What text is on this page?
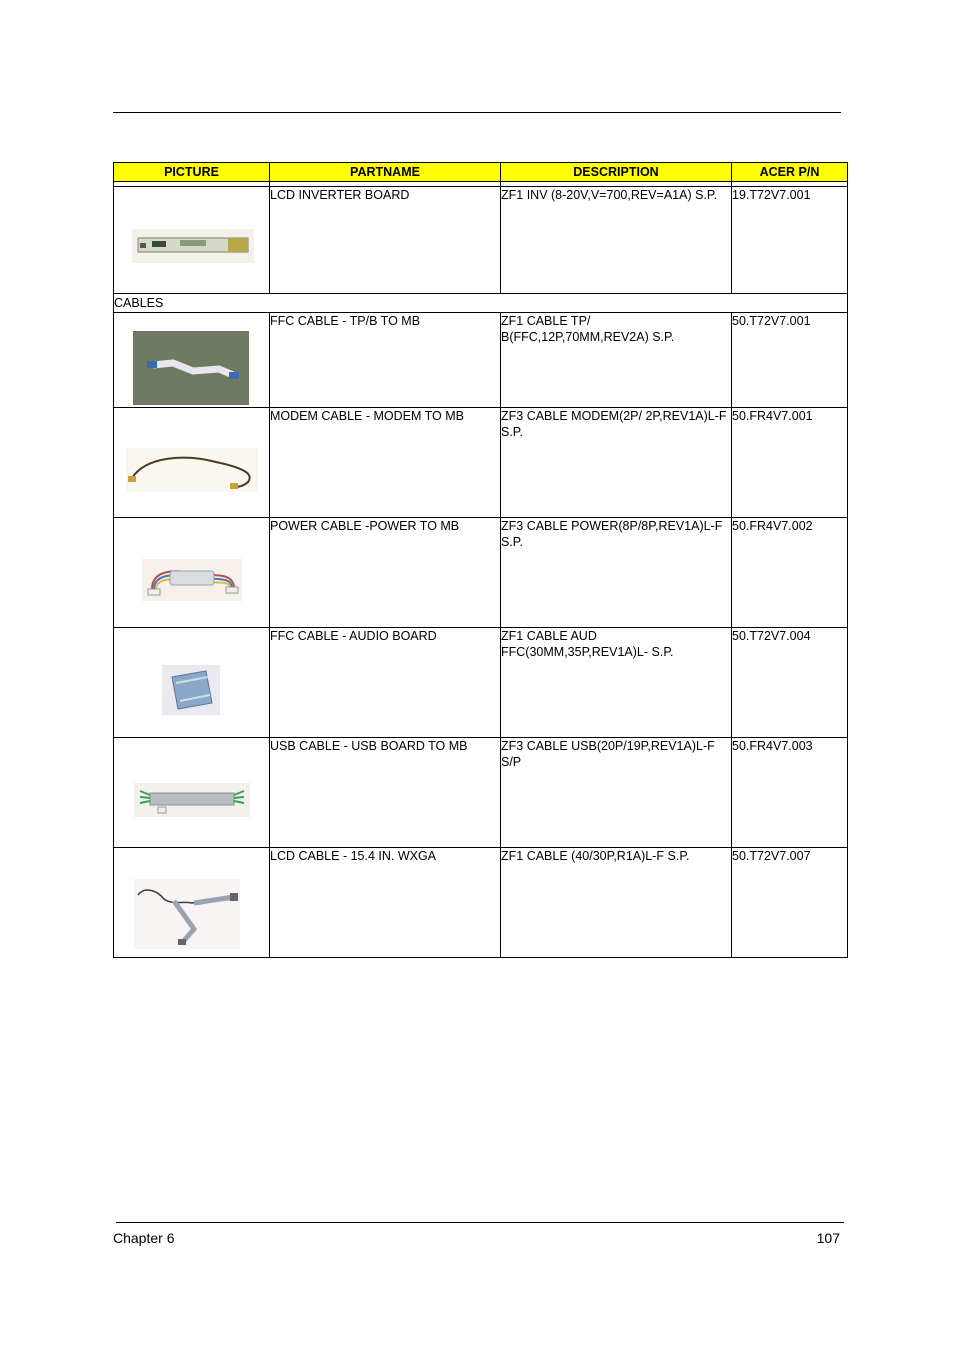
PICTURE	PARTNAME	DESCRIPTION	ACER P/N

	LCD INVERTER BOARD	ZF1 INV (8-20V,V=700,REV=A1A) S.P.	19.T72V7.001
CABLES			

	FFC CABLE - TP/B TO MB	ZF1 CABLE TP/ B(FFC,12P,70MM,REV2A) S.P.	50.T72V7.001

	MODEM CABLE - MODEM TO MB	ZF3 CABLE MODEM(2P/ 2P,REV1A)L-F S.P.	50.FR4V7.001

	POWER CABLE -POWER TO MB	ZF3 CABLE POWER(8P/8P,REV1A)L-F S.P.	50.FR4V7.002

	FFC CABLE - AUDIO BOARD	ZF1 CABLE AUD FFC(30MM,35P,REV1A)L- S.P.	50.T72V7.004

	USB CABLE - USB BOARD TO MB	ZF3 CABLE USB(20P/19P,REV1A)L-F S/P	50.FR4V7.003

	LCD CABLE - 15.4 IN. WXGA	ZF1 CABLE (40/30P,R1A)L-F S.P.	50.T72V7.007
Chapter 6	107
